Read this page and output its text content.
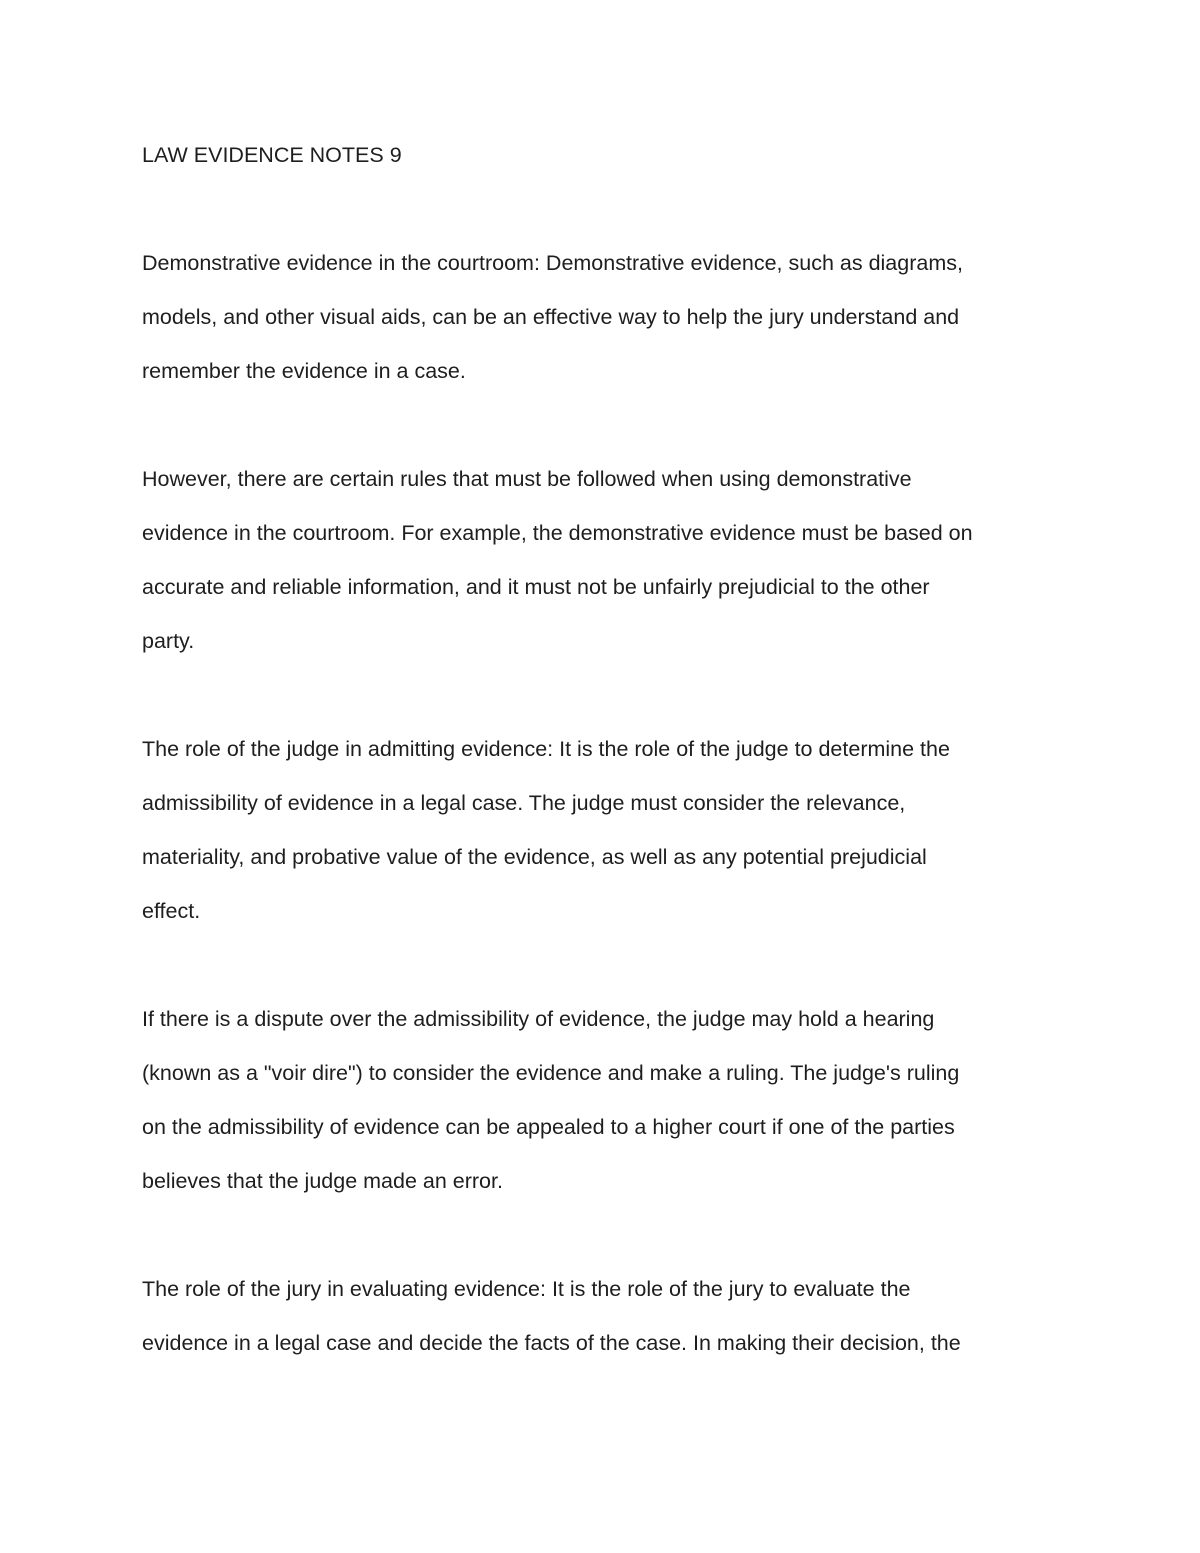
LAW EVIDENCE NOTES 9
Demonstrative evidence in the courtroom: Demonstrative evidence, such as diagrams,
models, and other visual aids, can be an effective way to help the jury understand and
remember the evidence in a case.
However, there are certain rules that must be followed when using demonstrative
evidence in the courtroom. For example, the demonstrative evidence must be based on
accurate and reliable information, and it must not be unfairly prejudicial to the other
party.
The role of the judge in admitting evidence: It is the role of the judge to determine the
admissibility of evidence in a legal case. The judge must consider the relevance,
materiality, and probative value of the evidence, as well as any potential prejudicial
effect.
If there is a dispute over the admissibility of evidence, the judge may hold a hearing
(known as a "voir dire") to consider the evidence and make a ruling. The judge's ruling
on the admissibility of evidence can be appealed to a higher court if one of the parties
believes that the judge made an error.
The role of the jury in evaluating evidence: It is the role of the jury to evaluate the
evidence in a legal case and decide the facts of the case. In making their decision, the
